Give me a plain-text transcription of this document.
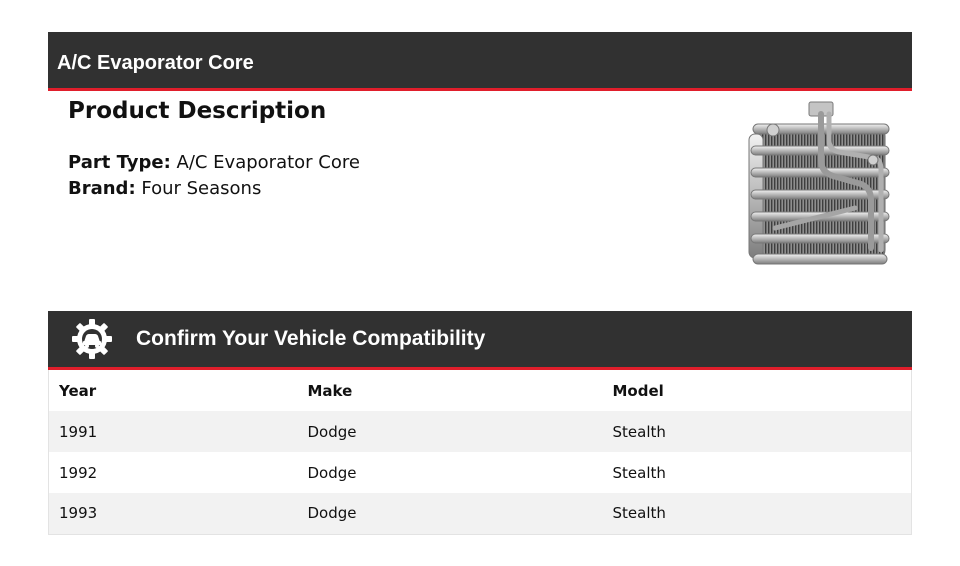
A/C Evaporator Core
Product Description
Part Type: A/C Evaporator Core
Brand: Four Seasons
Confirm Your Vehicle Compatibility
Year	Make	Model
1991	Dodge	Stealth
1992	Dodge	Stealth
1993	Dodge	Stealth
